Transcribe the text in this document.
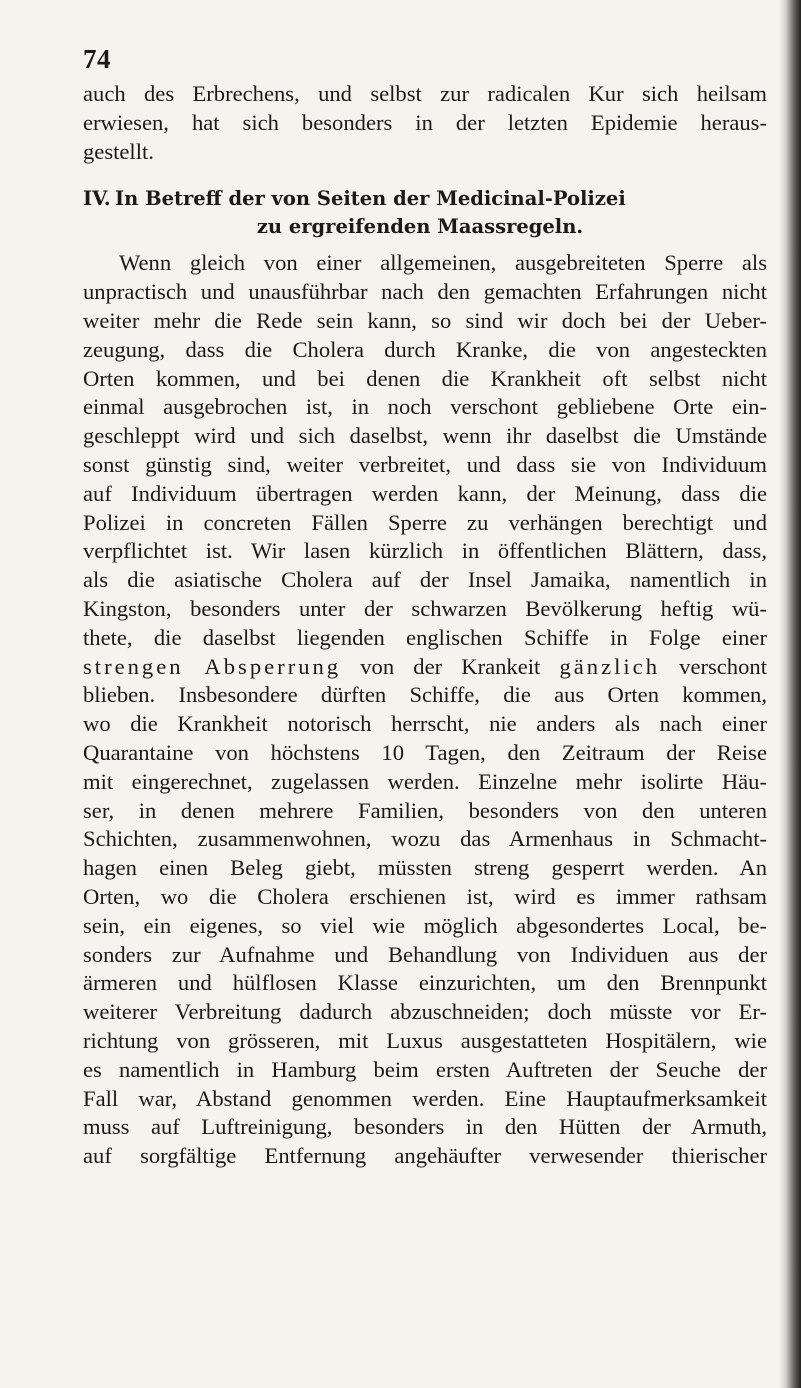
74
auch des Erbrechens, und selbst zur radicalen Kur sich heilsam
erwiesen, hat sich besonders in der letzten Epidemie heraus-
gestellt.
IV. In Betreff der von Seiten der Medicinal-Polizei
zu ergreifenden Maassregeln.
Wenn gleich von einer allgemeinen, ausgebreiteten Sperre als
unpractisch und unausführbar nach den gemachten Erfahrungen nicht
weiter mehr die Rede sein kann, so sind wir doch bei der Ueber-
zeugung, dass die Cholera durch Kranke, die von angesteckten
Orten kommen, und bei denen die Krankheit oft selbst nicht
einmal ausgebrochen ist, in noch verschont gebliebene Orte ein-
geschleppt wird und sich daselbst, wenn ihr daselbst die Umstände
sonst günstig sind, weiter verbreitet, und dass sie von Individuum
auf Individuum übertragen werden kann, der Meinung, dass die
Polizei in concreten Fällen Sperre zu verhängen berechtigt und
verpflichtet ist. Wir lasen kürzlich in öffentlichen Blättern, dass,
als die asiatische Cholera auf der Insel Jamaika, namentlich in
Kingston, besonders unter der schwarzen Bevölkerung heftig wü-
thete, die daselbst liegenden englischen Schiffe in Folge einer
strengen Absperrung von der Krankeit gänzlich verschont
blieben. Insbesondere dürften Schiffe, die aus Orten kommen,
wo die Krankheit notorisch herrscht, nie anders als nach einer
Quarantaine von höchstens 10 Tagen, den Zeitraum der Reise
mit eingerechnet, zugelassen werden. Einzelne mehr isolirte Häu-
ser, in denen mehrere Familien, besonders von den unteren
Schichten, zusammenwohnen, wozu das Armenhaus in Schmacht-
hagen einen Beleg giebt, müssten streng gesperrt werden. An
Orten, wo die Cholera erschienen ist, wird es immer rathsam
sein, ein eigenes, so viel wie möglich abgesondertes Local, be-
sonders zur Aufnahme und Behandlung von Individuen aus der
ärmeren und hülflosen Klasse einzurichten, um den Brennpunkt
weiterer Verbreitung dadurch abzuschneiden; doch müsste vor Er-
richtung von grösseren, mit Luxus ausgestatteten Hospitälern, wie
es namentlich in Hamburg beim ersten Auftreten der Seuche der
Fall war, Abstand genommen werden. Eine Hauptaufmerksamkeit
muss auf Luftreinigung, besonders in den Hütten der Armuth,
auf sorgfältige Entfernung angehäufter verwesender thierischer
